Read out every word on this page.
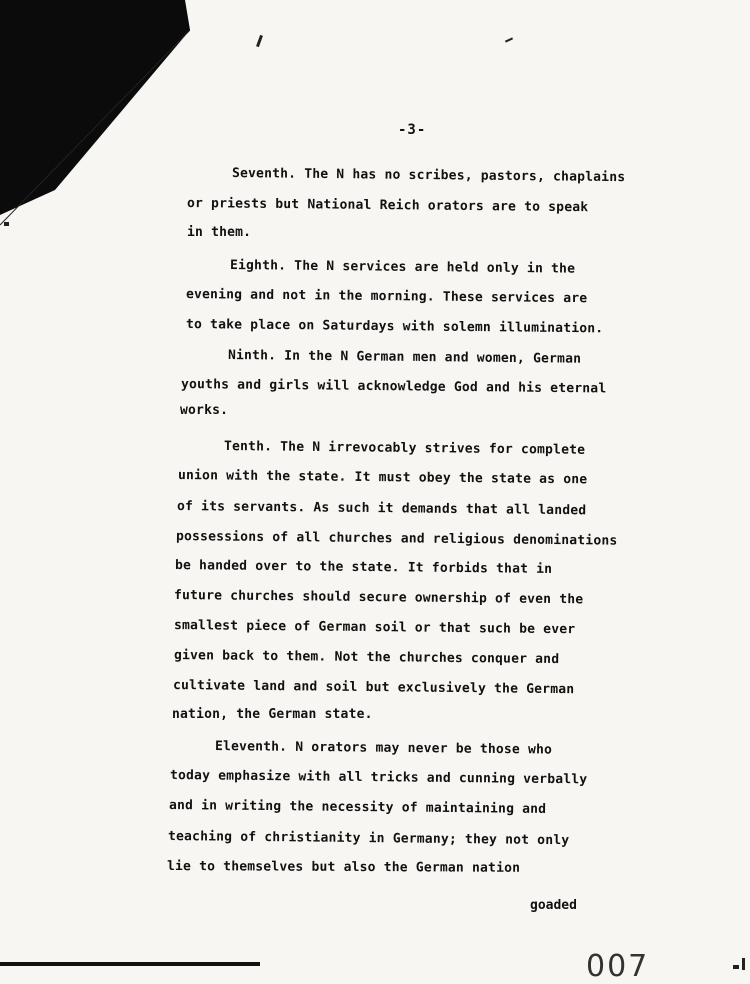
-3-
Seventh. The N has no scribes, pastors, chaplains
or priests but National Reich orators are to speak
in them.
Eighth. The N services are held only in the
evening and not in the morning. These services are
to take place on Saturdays with solemn illumination.
Ninth. In the N German men and women, German
youths and girls will acknowledge God and his eternal
works.
Tenth. The N irrevocably strives for complete
union with the state. It must obey the state as one
of its servants. As such it demands that all landed
possessions of all churches and religious denominations
be handed over to the state. It forbids that in
future churches should secure ownership of even the
smallest piece of German soil or that such be ever
given back to them. Not the churches conquer and
cultivate land and soil but exclusively the German
nation, the German state.
Eleventh. N orators may never be those who
today emphasize with all tricks and cunning verbally
and in writing the necessity of maintaining and
teaching of christianity in Germany; they not only
lie to themselves but also the German nation
goaded
007
